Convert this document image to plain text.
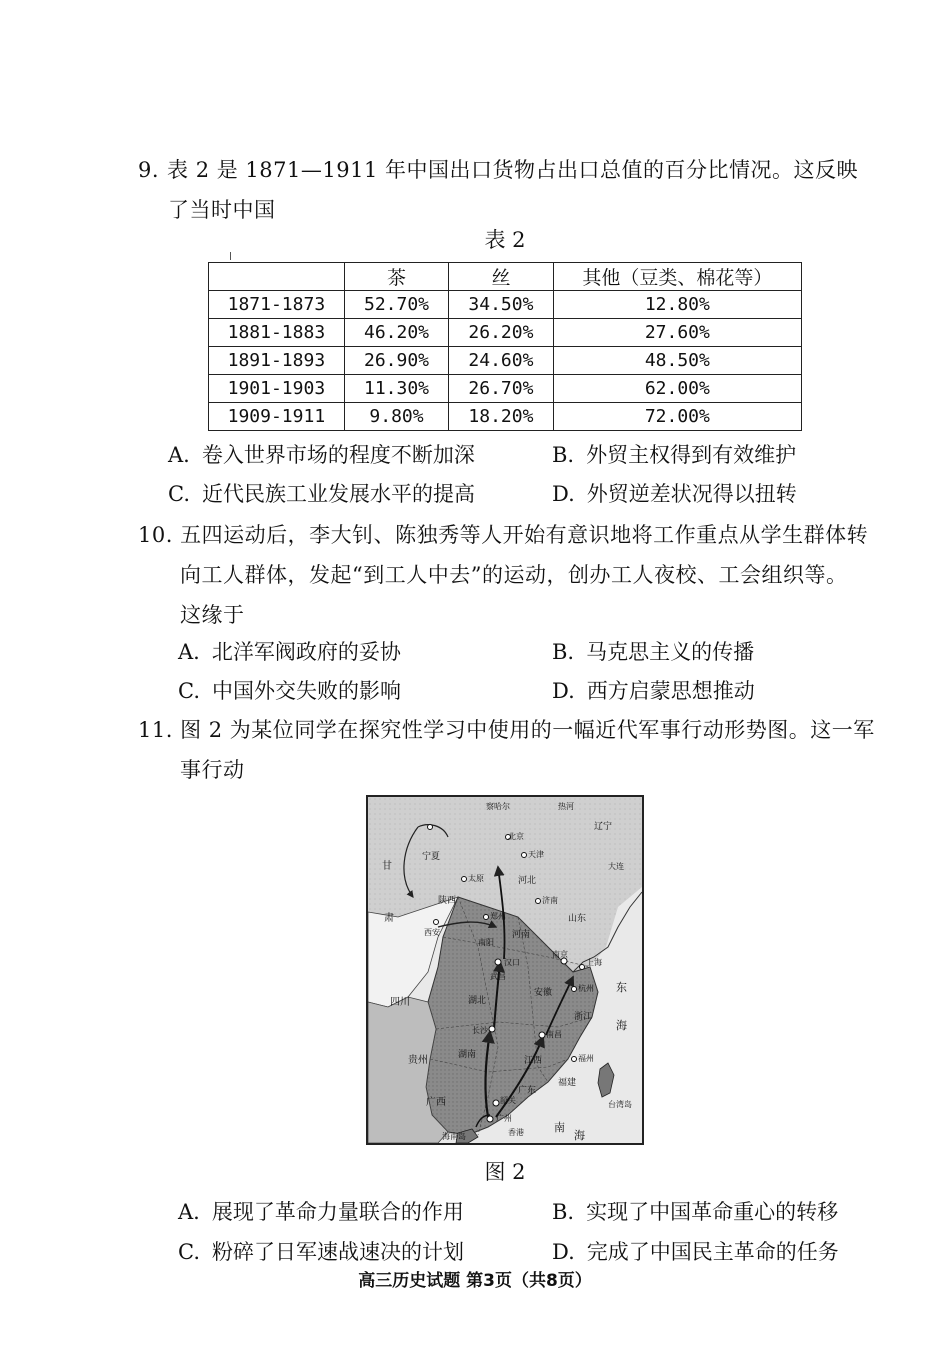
9. 表 2 是 1871—1911 年中国出口货物占出口总值的百分比情况。这反映
了当时中国
表 2
	茶	丝	其他（豆类、棉花等）
1871-1873	52.70%	34.50%	12.80%
1881-1883	46.20%	26.20%	27.60%
1891-1893	26.90%	24.60%	48.50%
1901-1903	11.30%	26.70%	62.00%
1909-1911	9.80%	18.20%	72.00%
A. 卷入世界市场的程度不断加深	B. 外贸主权得到有效维护
C. 近代民族工业发展水平的提高	D. 外贸逆差状况得以扭转
10. 五四运动后，李大钊、陈独秀等人开始有意识地将工作重点从学生群体转
向工人群体，发起“到工人中去”的运动，创办工人夜校、工会组织等。
这缘于
A. 北洋军阀政府的妥协	B. 马克思主义的传播
C. 中国外交失败的影响	D. 西方启蒙思想推动
11. 图 2 为某位同学在探究性学习中使用的一幅近代军事行动形势图。这一军
事行动
察哈尔	热河
北京
天津
太原
济南
西安
郑州
南阳
汉口
武昌
南京
上海
杭州
长沙	南昌
福州
韶关
广州
香港
台湾岛
东
海
南
海
甘
肃
宁夏
陕西
四川
贵州
广西
广东
湖南
江西
山东
河南
湖北
安徽
浙江
福建
河北
辽宁
大连
海南岛
图 2
A. 展现了革命力量联合的作用	B. 实现了中国革命重心的转移
C. 粉碎了日军速战速决的计划	D. 完成了中国民主革命的任务
高三历史试题 第3页（共8页）
